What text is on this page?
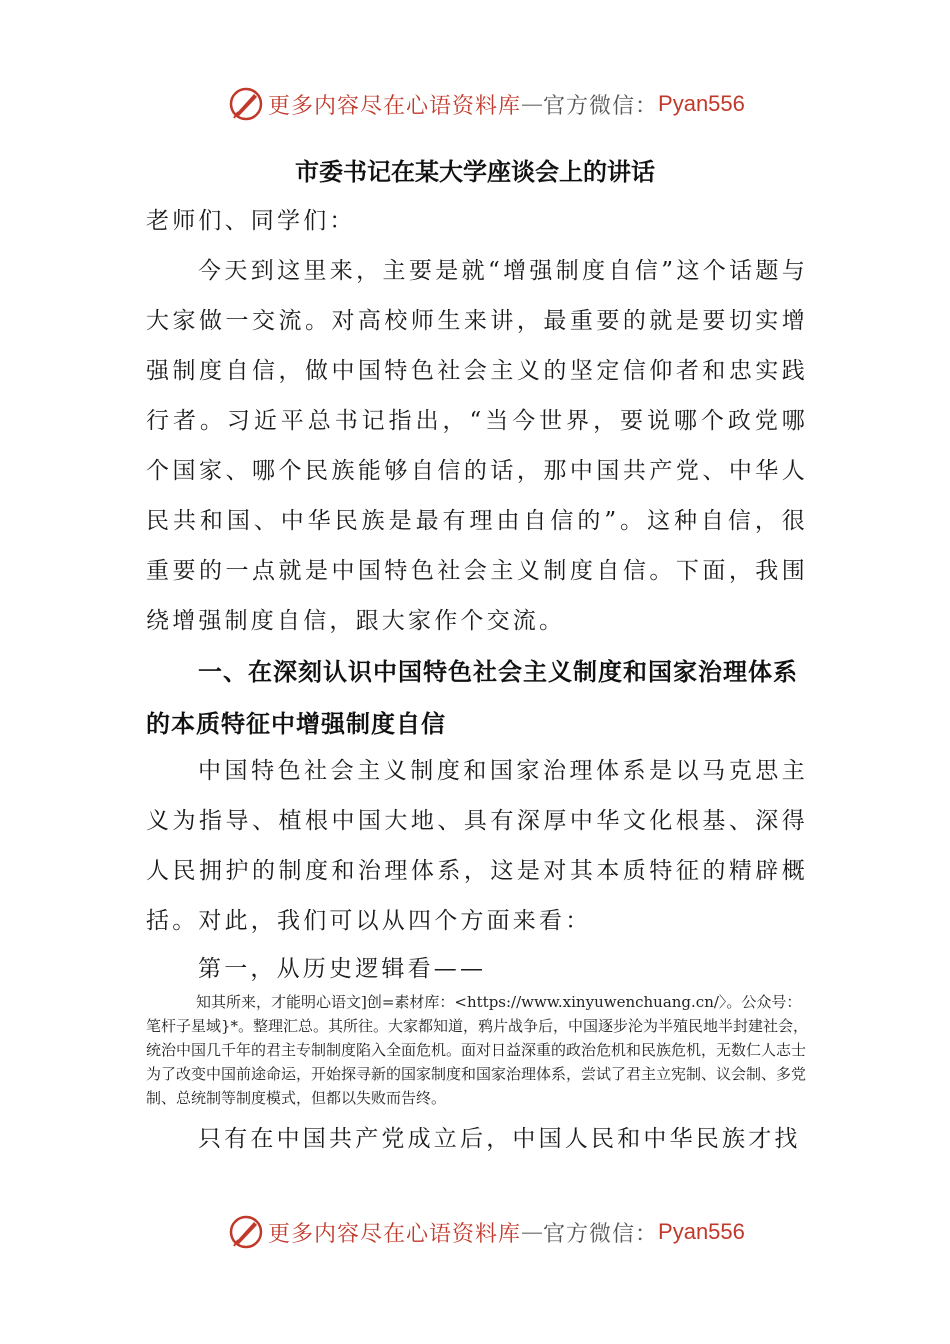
更多内容尽在心语资料库 — 官方微信： Pyan556
市委书记在某大学座谈会上的讲话
老师们、同学们：
今天到这里来，主要是就“增强制度自信”这个话题与大家做一交流。对高校师生来讲，最重要的就是要切实增强制度自信，做中国特色社会主义的坚定信仰者和忠实践行者。习近平总书记指出，“当今世界，要说哪个政党哪个国家、哪个民族能够自信的话，那中国共产党、中华人民共和国、中华民族是最有理由自信的”。这种自信，很重要的一点就是中国特色社会主义制度自信。下面，我围绕增强制度自信，跟大家作个交流。
一、在深刻认识中国特色社会主义制度和国家治理体系的本质特征中增强制度自信
中国特色社会主义制度和国家治理体系是以马克思主义为指导、植根中国大地、具有深厚中华文化根基、深得人民拥护的制度和治理体系，这是对其本质特征的精辟概括。对此，我们可以从四个方面来看：
第一，从历史逻辑看——
知其所来，才能明心语文]创=素材库：<https://www.xinyuwenchuang.cn/〉。公众号：笔杆子星域}*。整理汇总。其所往。大家都知道，鸦片战争后，中国逐步沦为半殖民地半封建社会，统治中国几千年的君主专制制度陷入全面危机。面对日益深重的政治危机和民族危机，无数仁人志士为了改变中国前途命运，开始探寻新的国家制度和国家治理体系，尝试了君主立宪制、议会制、多党制、总统制等制度模式，但都以失败而告终。
只有在中国共产党成立后，中国人民和中华民族才找
更多内容尽在心语资料库 — 官方微信： Pyan556
